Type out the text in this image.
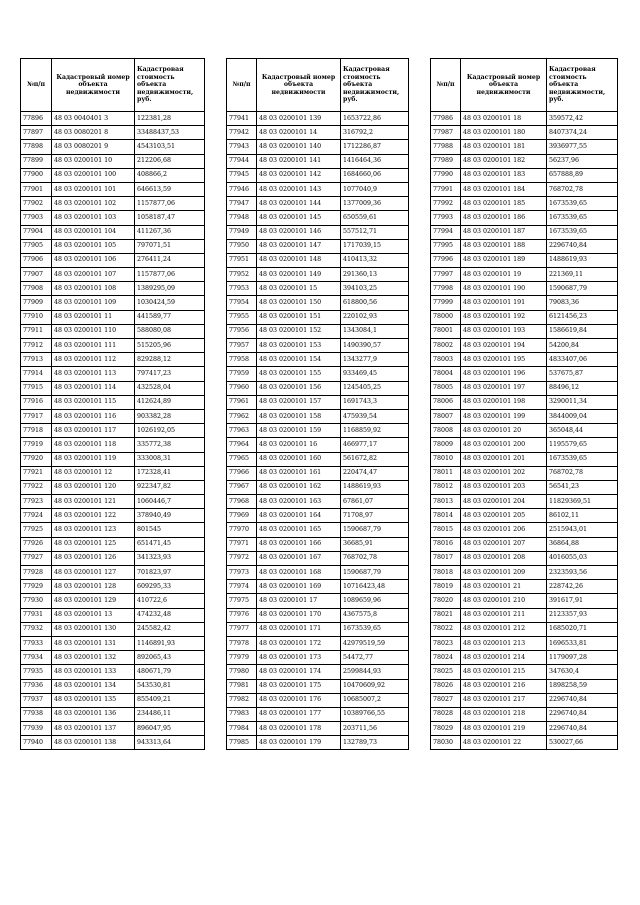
№п/п	Кадастровый номер объекта недвижимости	Кадастровая стоимость объекта недвижимости, руб.
77896	48 03 0040401 3	122381,28
77897	48 03 0080201 8	33488437,53
77898	48 03 0080201 9	4543103,51
77899	48 03 0200101 10	212206,68
77900	48 03 0200101 100	408866,2
77901	48 03 0200101 101	646613,59
77902	48 03 0200101 102	1157877,06
77903	48 03 0200101 103	1058187,47
77904	48 03 0200101 104	411267,36
77905	48 03 0200101 105	797071,51
77906	48 03 0200101 106	276411,24
77907	48 03 0200101 107	1157877,06
77908	48 03 0200101 108	1389295,09
77909	48 03 0200101 109	1030424,59
77910	48 03 0200101 11	441589,77
77911	48 03 0200101 110	588080,08
77912	48 03 0200101 111	515205,96
77913	48 03 0200101 112	829288,12
77914	48 03 0200101 113	797417,23
77915	48 03 0200101 114	432528,04
77916	48 03 0200101 115	412624,89
77917	48 03 0200101 116	903382,28
77918	48 03 0200101 117	1026192,05
77919	48 03 0200101 118	335772,38
77920	48 03 0200101 119	333008,31
77921	48 03 0200101 12	172328,41
77922	48 03 0200101 120	922347,82
77923	48 03 0200101 121	1060446,7
77924	48 03 0200101 122	378940,49
77925	48 03 0200101 123	801545
77926	48 03 0200101 125	651471,45
77927	48 03 0200101 126	341323,93
77928	48 03 0200101 127	701823,97
77929	48 03 0200101 128	609295,33
77930	48 03 0200101 129	410722,6
77931	48 03 0200101 13	474232,48
77932	48 03 0200101 130	245582,42
77933	48 03 0200101 131	1146891,93
77934	48 03 0200101 132	892065,43
77935	48 03 0200101 133	480671,79
77936	48 03 0200101 134	543530,81
77937	48 03 0200101 135	855409,21
77938	48 03 0200101 136	234486,11
77939	48 03 0200101 137	896047,95
77940	48 03 0200101 138	943313,64
№п/п	Кадастровый номер объекта недвижимости	Кадастровая стоимость объекта недвижимости, руб.
77941	48 03 0200101 139	1653722,86
77942	48 03 0200101 14	316792,2
77943	48 03 0200101 140	1712286,87
77944	48 03 0200101 141	1416464,36
77945	48 03 0200101 142	1684660,06
77946	48 03 0200101 143	1077040,9
77947	48 03 0200101 144	1377009,36
77948	48 03 0200101 145	650559,61
77949	48 03 0200101 146	557512,71
77950	48 03 0200101 147	1717039,15
77951	48 03 0200101 148	410413,32
77952	48 03 0200101 149	291360,13
77953	48 03 0200101 15	394103,25
77954	48 03 0200101 150	618800,56
77955	48 03 0200101 151	220102,93
77956	48 03 0200101 152	1343084,1
77957	48 03 0200101 153	1490390,57
77958	48 03 0200101 154	1343277,9
77959	48 03 0200101 155	933469,45
77960	48 03 0200101 156	1245405,25
77961	48 03 0200101 157	1691743,3
77962	48 03 0200101 158	475939,54
77963	48 03 0200101 159	1168859,92
77964	48 03 0200101 16	466977,17
77965	48 03 0200101 160	561672,82
77966	48 03 0200101 161	220474,47
77967	48 03 0200101 162	1488619,93
77968	48 03 0200101 163	67861,07
77969	48 03 0200101 164	71708,97
77970	48 03 0200101 165	1590687,79
77971	48 03 0200101 166	36685,91
77972	48 03 0200101 167	768702,78
77973	48 03 0200101 168	1590687,79
77974	48 03 0200101 169	10716423,48
77975	48 03 0200101 17	1089659,96
77976	48 03 0200101 170	4367575,8
77977	48 03 0200101 171	1673539,65
77978	48 03 0200101 172	42979519,59
77979	48 03 0200101 173	54472,77
77980	48 03 0200101 174	2599844,93
77981	48 03 0200101 175	10470609,92
77982	48 03 0200101 176	10685007,2
77983	48 03 0200101 177	10389766,55
77984	48 03 0200101 178	203711,56
77985	48 03 0200101 179	132789,73
№п/п	Кадастровый номер объекта недвижимости	Кадастровая стоимость объекта недвижимости, руб.
77986	48 03 0200101 18	359572,42
77987	48 03 0200101 180	8407374,24
77988	48 03 0200101 181	3936977,55
77989	48 03 0200101 182	56237,96
77990	48 03 0200101 183	657888,89
77991	48 03 0200101 184	768702,78
77992	48 03 0200101 185	1673539,65
77993	48 03 0200101 186	1673539,65
77994	48 03 0200101 187	1673539,65
77995	48 03 0200101 188	2296740,84
77996	48 03 0200101 189	1488619,93
77997	48 03 0200101 19	221369,11
77998	48 03 0200101 190	1590687,79
77999	48 03 0200101 191	79083,36
78000	48 03 0200101 192	6121456,23
78001	48 03 0200101 193	1586619,84
78002	48 03 0200101 194	54200,84
78003	48 03 0200101 195	4833407,06
78004	48 03 0200101 196	537675,87
78005	48 03 0200101 197	88496,12
78006	48 03 0200101 198	3290011,34
78007	48 03 0200101 199	3844009,04
78008	48 03 0200101 20	365048,44
78009	48 03 0200101 200	1195579,65
78010	48 03 0200101 201	1673539,65
78011	48 03 0200101 202	768702,78
78012	48 03 0200101 203	56541,23
78013	48 03 0200101 204	11829369,51
78014	48 03 0200101 205	86102,11
78015	48 03 0200101 206	2515943,01
78016	48 03 0200101 207	36864,88
78017	48 03 0200101 208	4016055,03
78018	48 03 0200101 209	2323593,56
78019	48 03 0200101 21	228742,26
78020	48 03 0200101 210	391617,91
78021	48 03 0200101 211	2123357,93
78022	48 03 0200101 212	1685020,71
78023	48 03 0200101 213	1696533,81
78024	48 03 0200101 214	1179097,28
78025	48 03 0200101 215	347630,4
78026	48 03 0200101 216	1898258,59
78027	48 03 0200101 217	2296740,84
78028	48 03 0200101 218	2296740,84
78029	48 03 0200101 219	2296740,84
78030	48 03 0200101 22	530027,66
